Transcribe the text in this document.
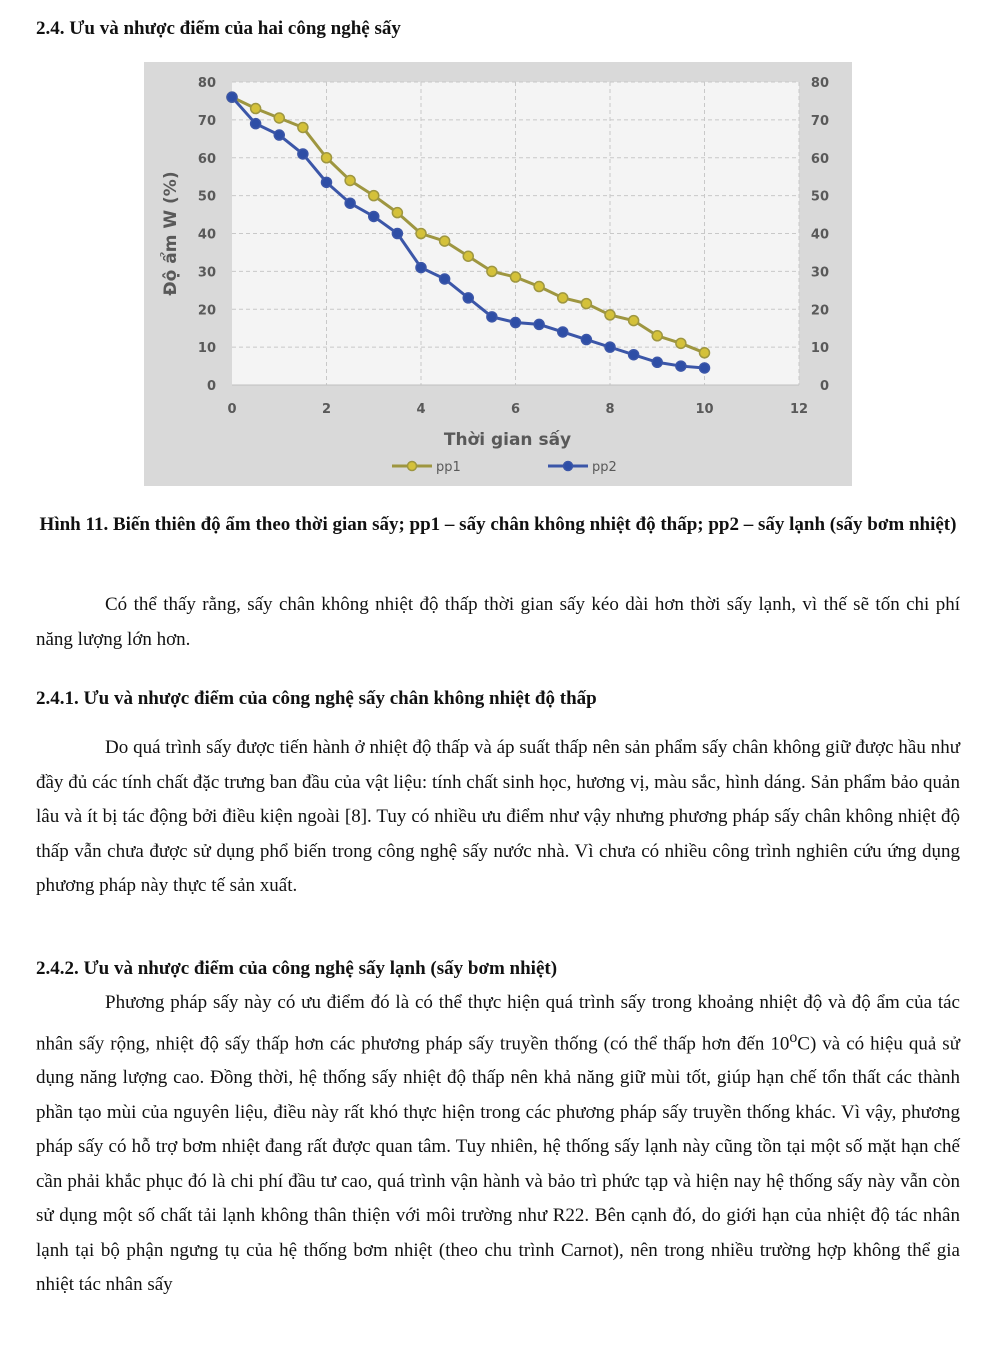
2.4. Ưu và nhược điểm của hai công nghệ sấy
0	0
10	10
20	20
30	30
40	40
50	50
60	60
70	70
80	80
0	2	4	6	8	10	12
Thời gian sấy
Độ ẩm W (%)
pp1	pp2

Hình 11. Biến thiên độ ẩm theo thời gian sấy; pp1 – sấy chân không nhiệt độ thấp; pp2 – sấy lạnh (sấy bơm nhiệt)

Có thể thấy rằng, sấy chân không nhiệt độ thấp thời gian sấy kéo dài hơn thời sấy lạnh, vì thế sẽ tốn chi phí năng lượng lớn hơn.

2.4.1. Ưu và nhược điểm của công nghệ sấy chân không nhiệt độ thấp

Do quá trình sấy được tiến hành ở nhiệt độ thấp và áp suất thấp nên sản phẩm sấy chân không giữ được hầu như đầy đủ các tính chất đặc trưng ban đầu của vật liệu: tính chất sinh học, hương vị, màu sắc, hình dáng. Sản phẩm bảo quản lâu và ít bị tác động bởi điều kiện ngoài [8]. Tuy có nhiều ưu điểm như vậy nhưng phương pháp sấy chân không nhiệt độ thấp vẫn chưa được sử dụng phổ biến trong công nghệ sấy nước nhà. Vì chưa có nhiều công trình nghiên cứu ứng dụng phương pháp này thực tế sản xuất.

2.4.2. Ưu và nhược điểm của công nghệ sấy lạnh (sấy bơm nhiệt)

Phương pháp sấy này có ưu điểm đó là có thể thực hiện quá trình sấy trong khoảng nhiệt độ và độ ẩm của tác nhân sấy rộng, nhiệt độ sấy thấp hơn các phương pháp sấy truyền thống (có thể thấp hơn đến 10$^o$C) và có hiệu quả sử dụng năng lượng cao. Đồng thời, hệ thống sấy nhiệt độ thấp nên khả năng giữ mùi tốt, giúp hạn chế tổn thất các thành phần tạo mùi của nguyên liệu, điều này rất khó thực hiện trong các phương pháp sấy truyền thống khác. Vì vậy, phương pháp sấy có hỗ trợ bơm nhiệt đang rất được quan tâm. Tuy nhiên, hệ thống sấy lạnh này cũng tồn tại một số mặt hạn chế cần phải khắc phục đó là chi phí đầu tư cao, quá trình vận hành và bảo trì phức tạp và hiện nay hệ thống sấy này vẫn còn sử dụng một số chất tải lạnh không thân thiện với môi trường như R22. Bên cạnh đó, do giới hạn của nhiệt độ tác nhân lạnh tại bộ phận ngưng tụ của hệ thống bơm nhiệt (theo chu trình Carnot), nên trong nhiều trường hợp không thể gia nhiệt tác nhân sấy
